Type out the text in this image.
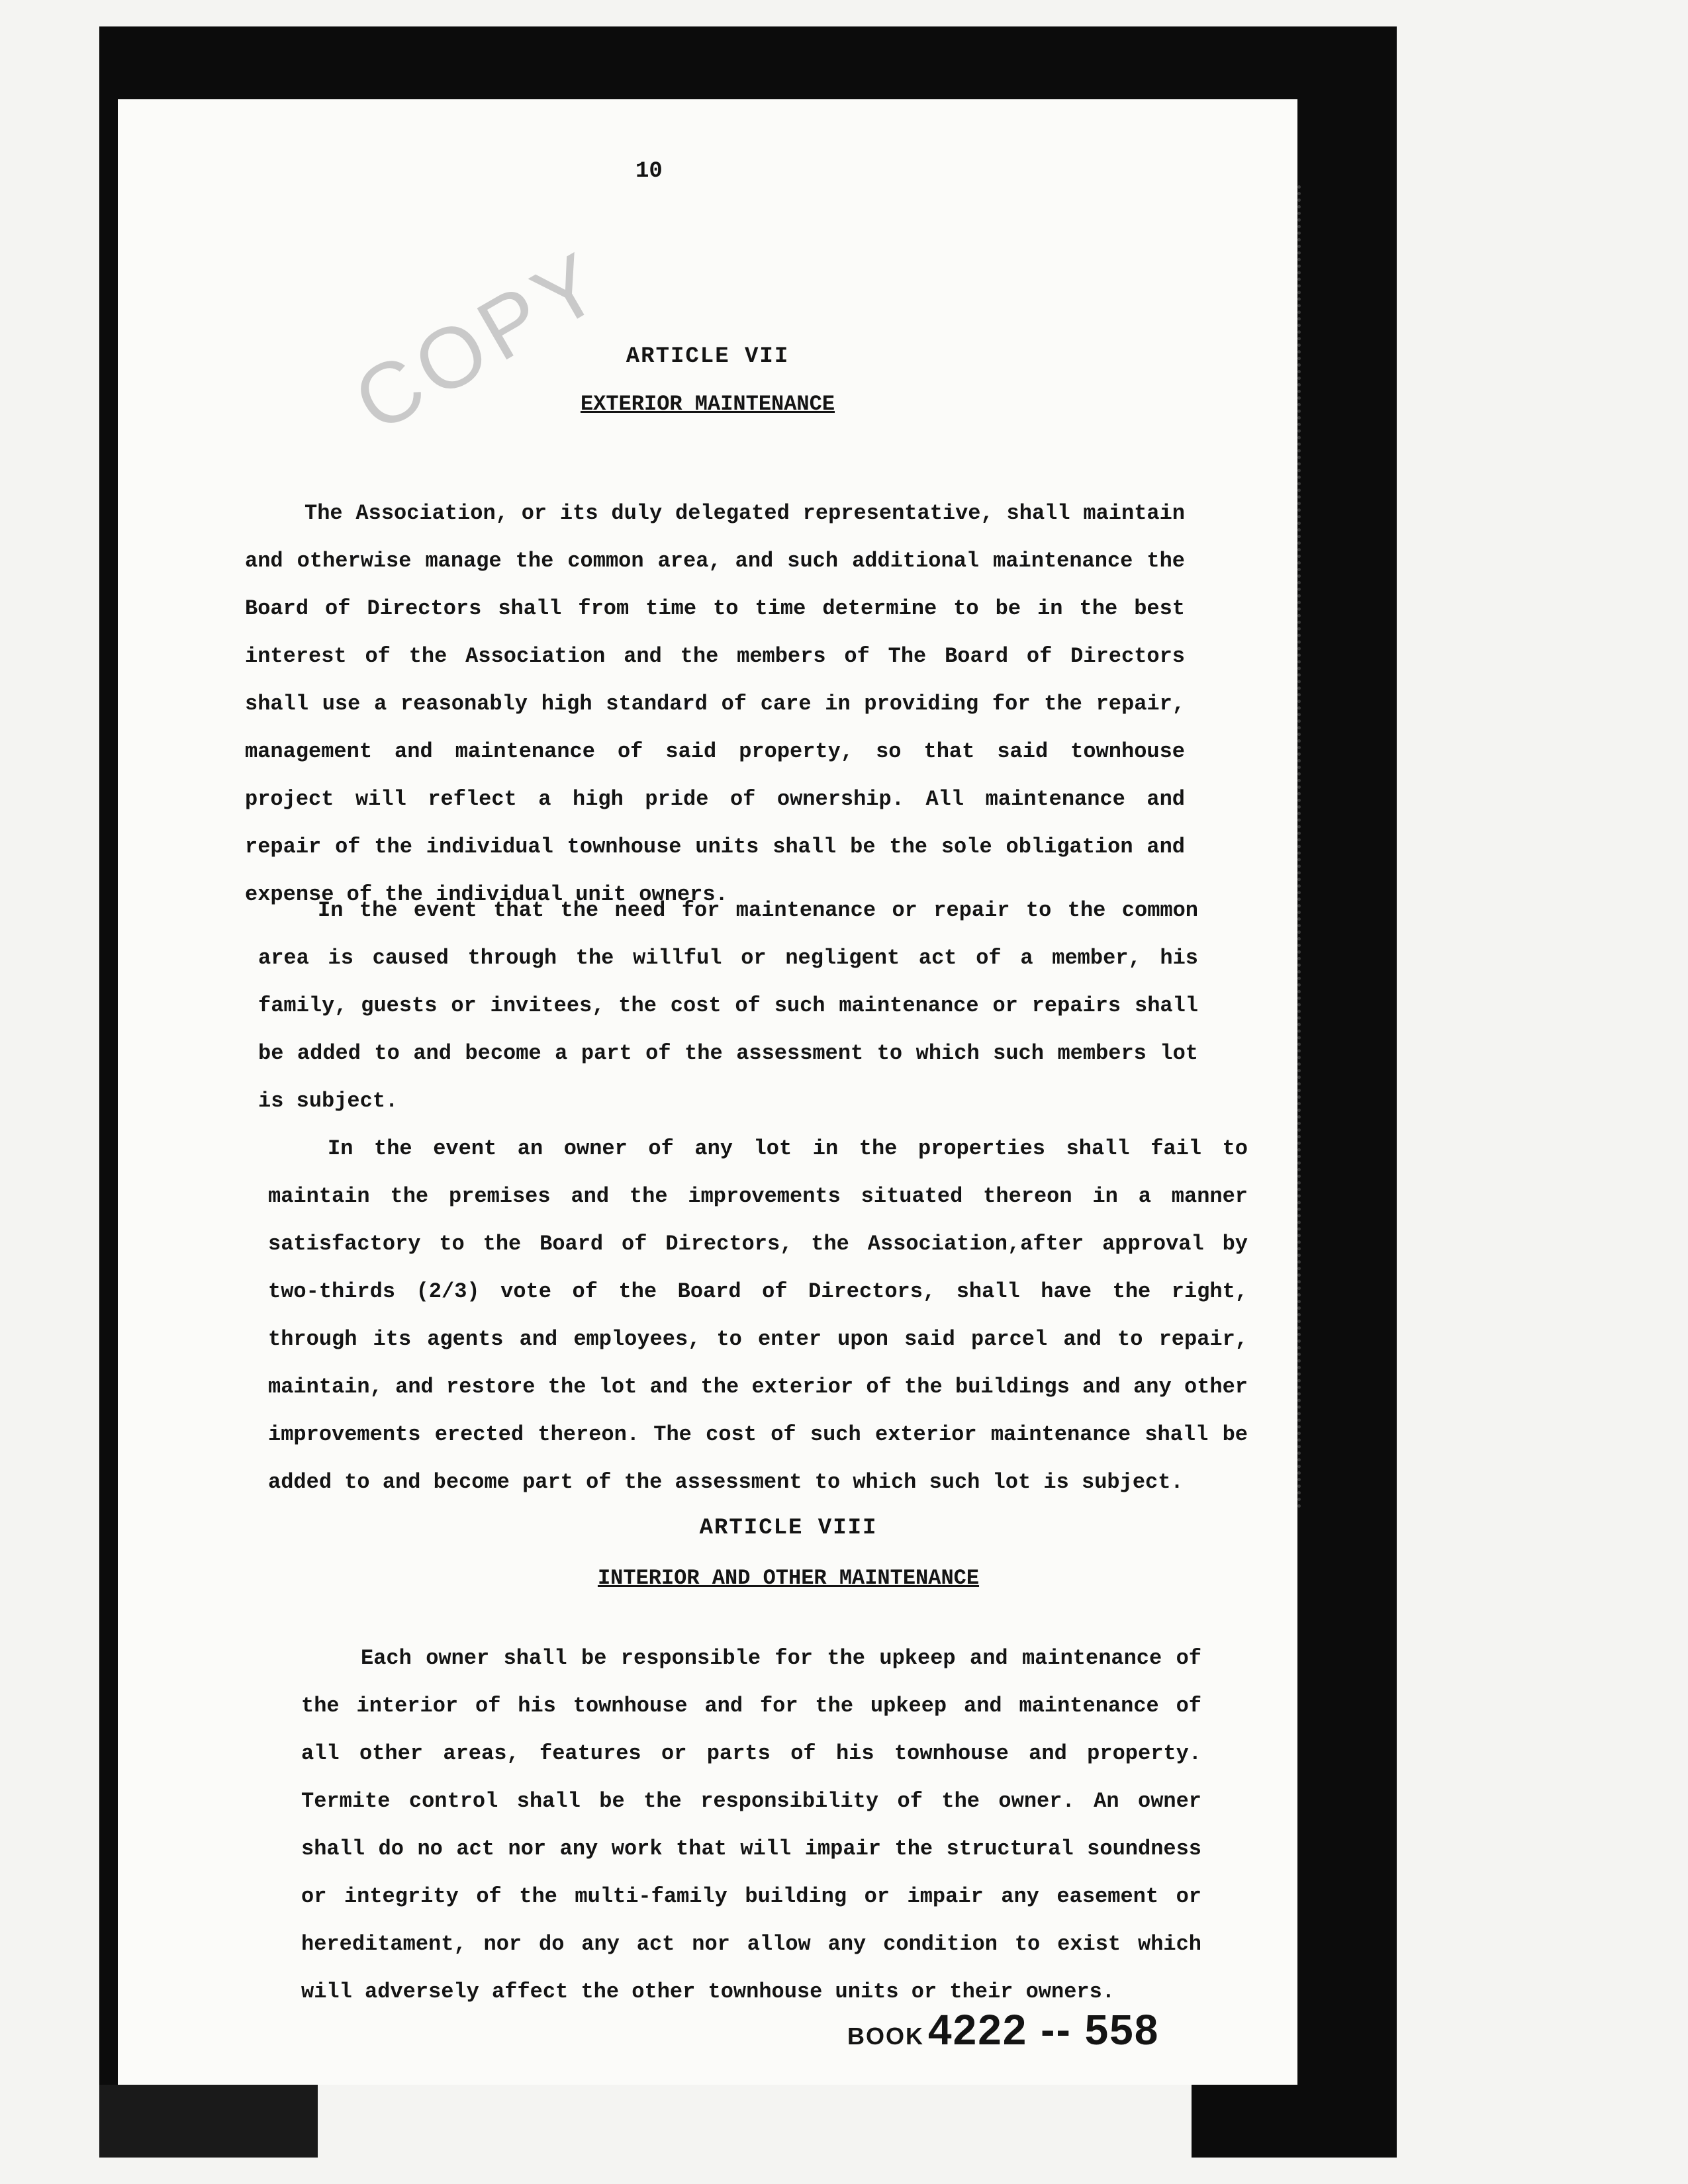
10
COPY ARTICLE VII
EXTERIOR MAINTENANCE

The Association, or its duly delegated representative, shall maintain and otherwise manage the common area, and such additional maintenance the Board of Directors shall from time to time determine to be in the best interest of the Association and the members of The Board of Directors shall use a reasonably high standard of care in providing for the repair, management and maintenance of said property, so that said townhouse project will reflect a high pride of ownership. All maintenance and repair of the individual townhouse units shall be the sole obligation and expense of the individual unit owners.

In the event that the need for maintenance or repair to the common area is caused through the willful or negligent act of a member, his family, guests or invitees, the cost of such maintenance or repairs shall be added to and become a part of the assessment to which such members lot is subject.

In the event an owner of any lot in the properties shall fail to maintain the premises and the improvements situated thereon in a manner satisfactory to the Board of Directors, the Association,after approval by two-thirds (2/3) vote of the Board of Directors, shall have the right, through its agents and employees, to enter upon said parcel and to repair, maintain, and restore the lot and the exterior of the buildings and any other improvements erected thereon. The cost of such exterior maintenance shall be added to and become part of the assessment to which such lot is subject.

ARTICLE VIII
INTERIOR AND OTHER MAINTENANCE

Each owner shall be responsible for the upkeep and maintenance of the interior of his townhouse and for the upkeep and maintenance of all other areas, features or parts of his townhouse and property. Termite control shall be the responsibility of the owner. An owner shall do no act nor any work that will impair the structural soundness or integrity of the multi-family building or impair any easement or hereditament, nor do any act nor allow any condition to exist which will adversely affect the other townhouse units or their owners.

BOOK4222 -- 558
